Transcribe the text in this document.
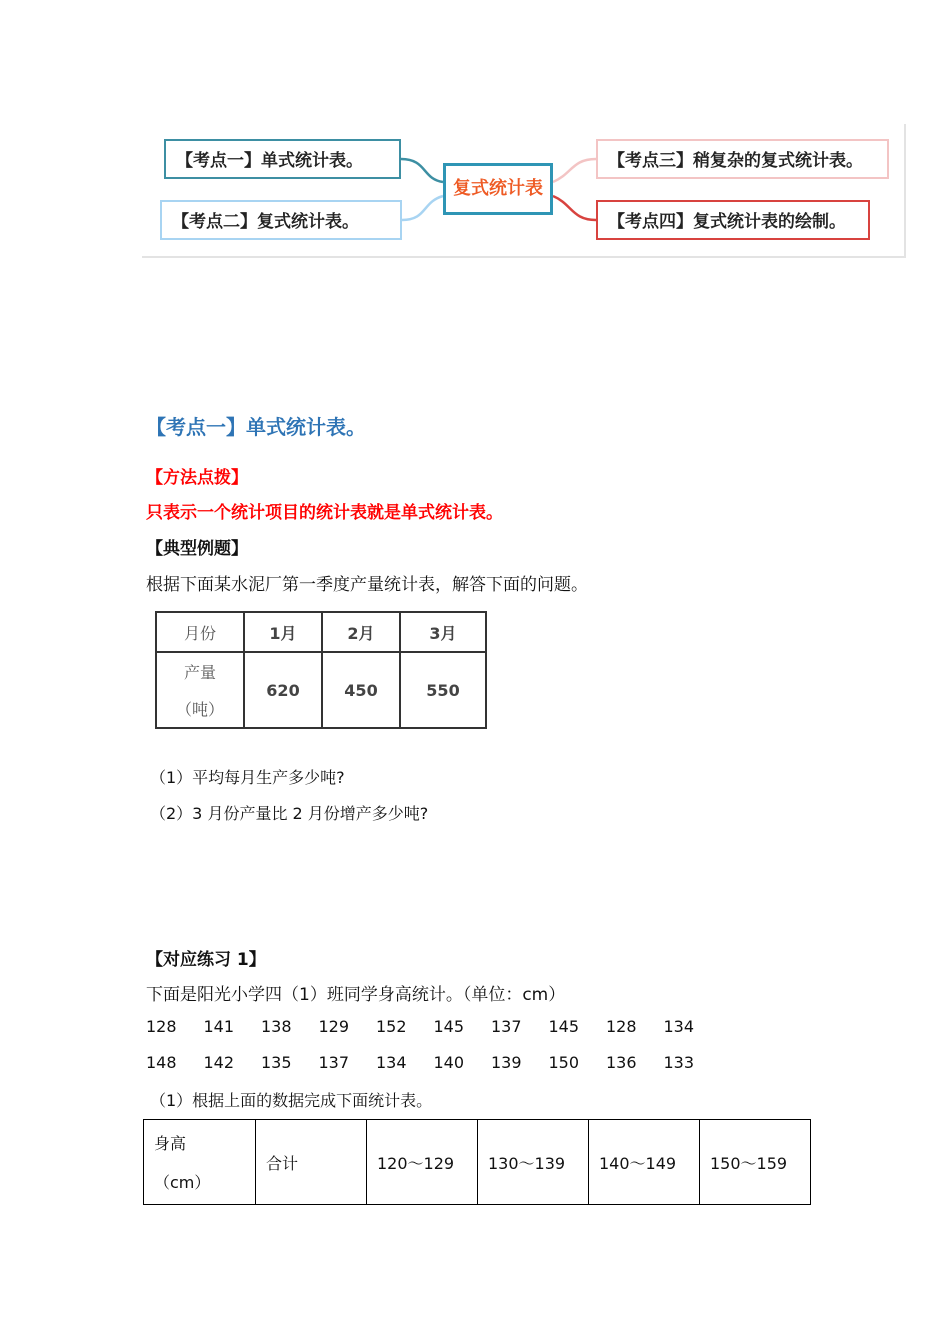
【考点一】单式统计表。
【考点二】复式统计表。
复式统计表
【考点三】稍复杂的复式统计表。
【考点四】复式统计表的绘制。
【考点一】单式统计表。
【方法点拨】
只表示一个统计项目的统计表就是单式统计表。
【典型例题】
根据下面某水泥厂第一季度产量统计表，解答下面的问题。
月份	1月	2月	3月

产量
（吨）	620	450	550
（1）平均每月生产多少吨?
（2）3 月份产量比 2 月份增产多少吨?
【对应练习 1】
下面是阳光小学四（1）班同学身高统计。（单位：cm）
128 141 138 129 152 145 137 145 128 134
148 142 135 137 134 140 139 150 136 133
（1）根据上面的数据完成下面统计表。
身高
（cm）
	合计	120～129	130～139	140～149	150～159
